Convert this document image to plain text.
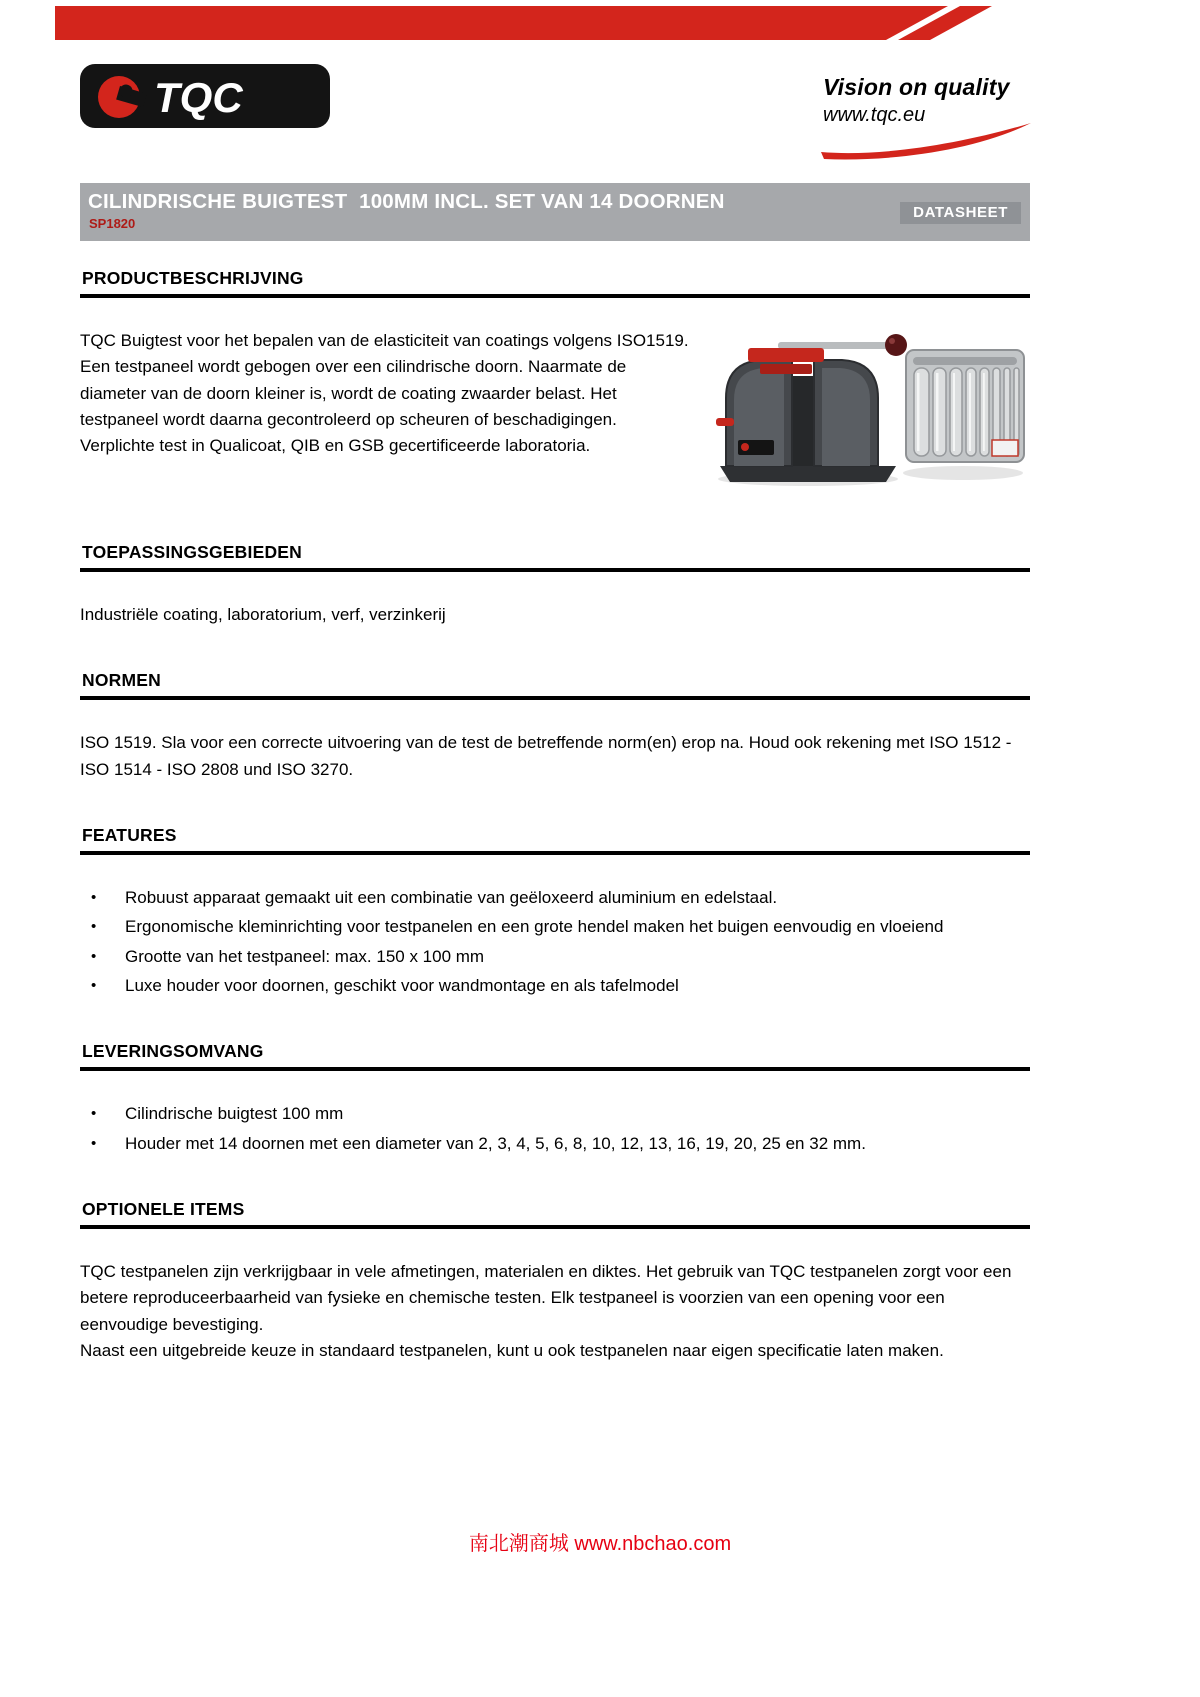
TQC	Vision on quality
www.tqc.eu
CILINDRISCHE BUIGTEST  100MM INCL. SET VAN 14 DOORNEN
SP1820
DATASHEET
PRODUCTBESCHRIJVING

TQC Buigtest voor het bepalen van de elasticiteit van coatings volgens ISO1519. Een testpaneel wordt gebogen over een cilindrische doorn. Naarmate de diameter van de doorn kleiner is, wordt de coating zwaarder belast. Het testpaneel wordt daarna gecontroleerd op scheuren of beschadigingen.

Verplichte test in Qualicoat, QIB en GSB gecertificeerde laboratoria.

TOEPASSINGSGEBIEDEN

Industriële coating, laboratorium, verf, verzinkerij

NORMEN

ISO 1519. Sla voor een correcte uitvoering van de test de betreffende norm(en) erop na. Houd ook rekening met ISO 1512 - ISO 1514 - ISO 2808 und ISO 3270.

FEATURES
• Robuust apparaat gemaakt uit een combinatie van geëloxeerd aluminium en edelstaal.
• Ergonomische kleminrichting voor testpanelen en een grote hendel maken het buigen eenvoudig en vloeiend
• Grootte van het testpaneel: max. 150 x 100 mm
• Luxe houder voor doornen, geschikt voor wandmontage en als tafelmodel
LEVERINGSOMVANG
• Cilindrische buigtest 100 mm
• Houder met 14 doornen met een diameter van 2, 3, 4, 5, 6, 8, 10, 12, 13, 16, 19, 20, 25 en 32 mm.
OPTIONELE ITEMS

TQC testpanelen zijn verkrijgbaar in vele afmetingen, materialen en diktes. Het gebruik van TQC testpanelen zorgt voor een betere reproduceerbaarheid van fysieke en chemische testen. Elk testpaneel is voorzien van een opening voor een eenvoudige bevestiging.

Naast een uitgebreide keuze in standaard testpanelen, kunt u ook testpanelen naar eigen specificatie laten maken.

南北潮商城 www.nbchao.com
